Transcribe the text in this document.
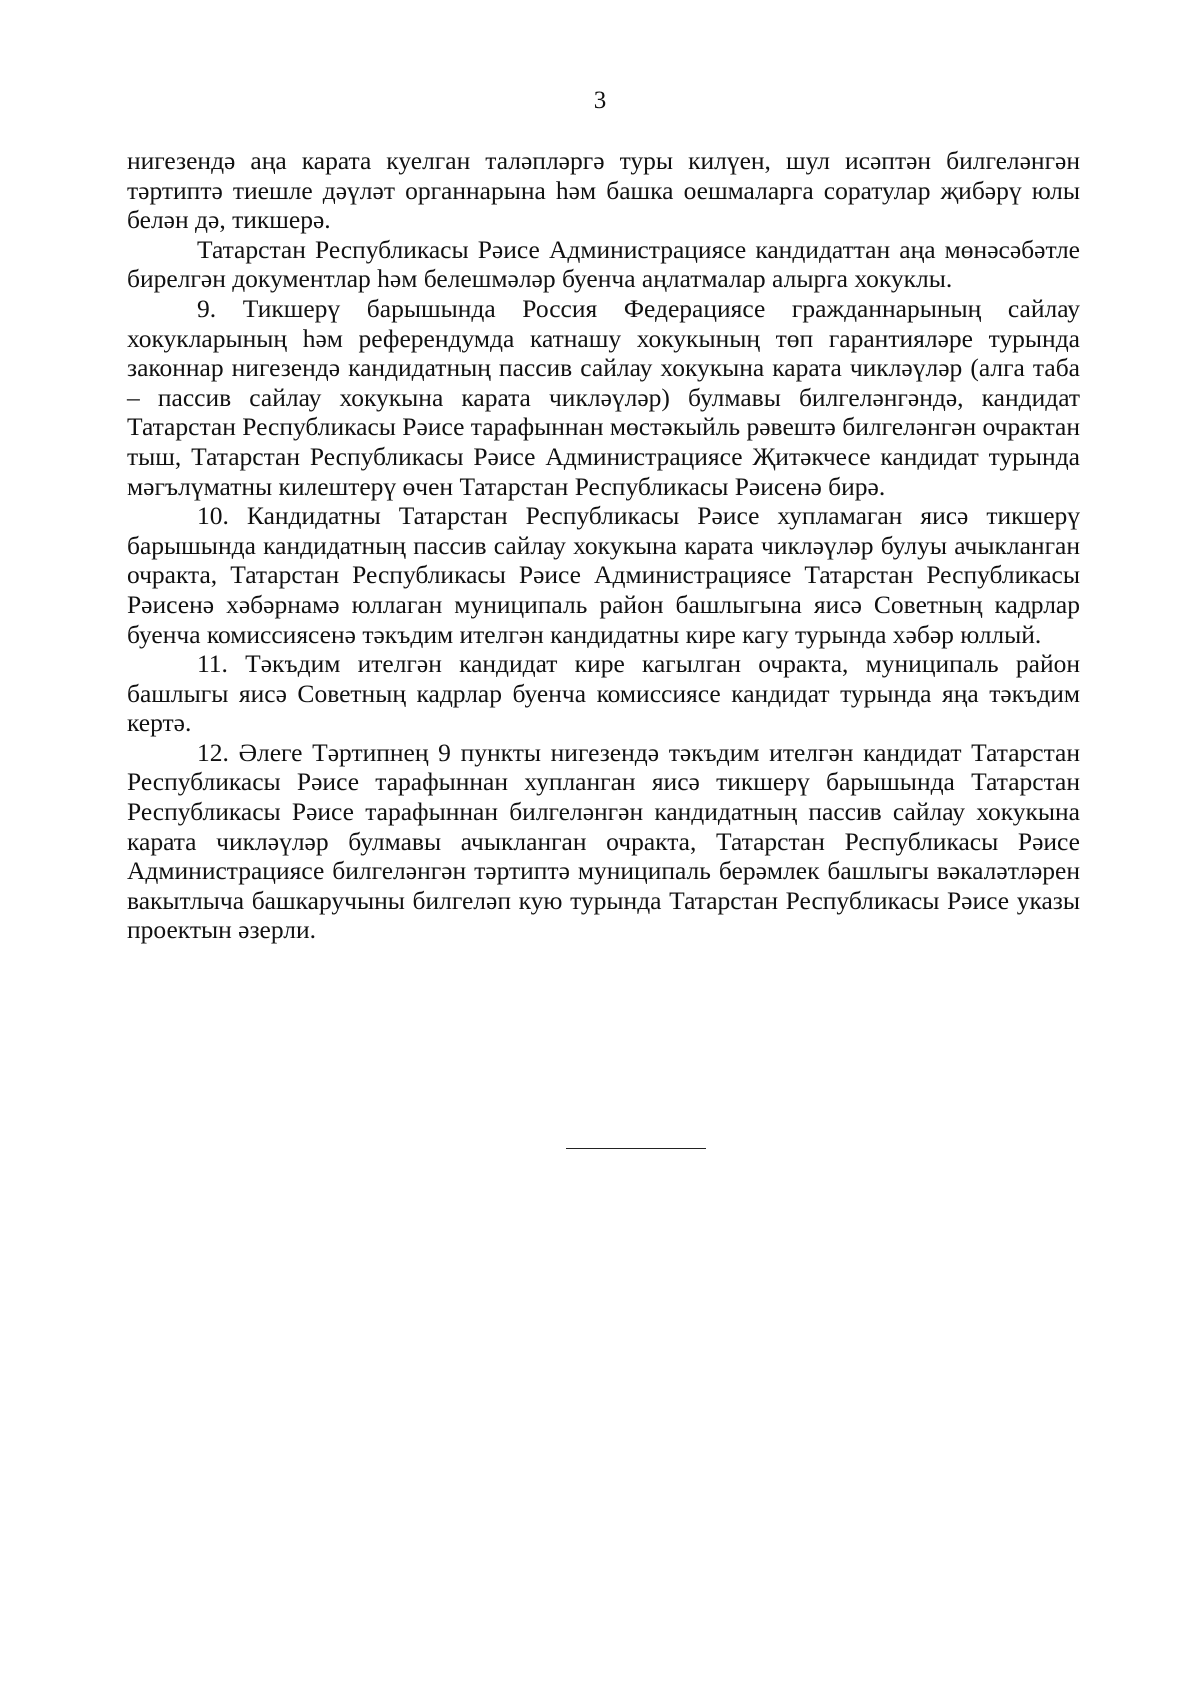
3

нигезендә аңа карата куелган таләпләргә туры килүен, шул исәптән билгеләнгән тәртиптә тиешле дәүләт органнарына һәм башка оешмаларга соратулар җибәрү юлы белән дә, тикшерә.

Татарстан Республикасы Рәисе Администрациясе кандидаттан аңа мөнәсәбәтле бирелгән документлар һәм белешмәләр буенча аңлатмалар алырга хокуклы.

9. Тикшерү барышында Россия Федерациясе гражданнарының сайлау хокукларының һәм референдумда катнашу хокукының төп гарантияләре турында законнар нигезендә кандидатның пассив сайлау хокукына карата чикләүләр (алга таба – пассив сайлау хокукына карата чикләүләр) булмавы билгеләнгәндә, кандидат Татарстан Республикасы Рәисе тарафыннан мөстәкыйль рәвештә билгеләнгән очрактан тыш, Татарстан Республикасы Рәисе Администрациясе Җитәкчесе кандидат турында мәгълүматны килештерү өчен Татарстан Республикасы Рәисенә бирә.

10. Кандидатны Татарстан Республикасы Рәисе хупламаган яисә тикшерү барышында кандидатның пассив сайлау хокукына карата чикләүләр булуы ачыкланган очракта, Татарстан Республикасы Рәисе Администрациясе Татарстан Республикасы Рәисенә хәбәрнамә юллаган муниципаль район башлыгына яисә Советның кадрлар буенча комиссиясенә тәкъдим ителгән кандидатны кире кагу турында хәбәр юллый.

11. Тәкъдим ителгән кандидат кире кагылган очракта, муниципаль район башлыгы яисә Советның кадрлар буенча комиссиясе кандидат турында яңа тәкъдим кертә.

12. Әлеге Тәртипнең 9 пункты нигезендә тәкъдим ителгән кандидат Татарстан Республикасы Рәисе тарафыннан хупланган яисә тикшерү барышында Татарстан Республикасы Рәисе тарафыннан билгеләнгән кандидатның пассив сайлау хокукына карата чикләүләр булмавы ачыкланган очракта, Татарстан Республикасы Рәисе Администрациясе билгеләнгән тәртиптә муниципаль берәмлек башлыгы вәкаләтләрен вакытлыча башкаручыны билгеләп кую турында Татарстан Республикасы Рәисе указы проектын әзерли.
